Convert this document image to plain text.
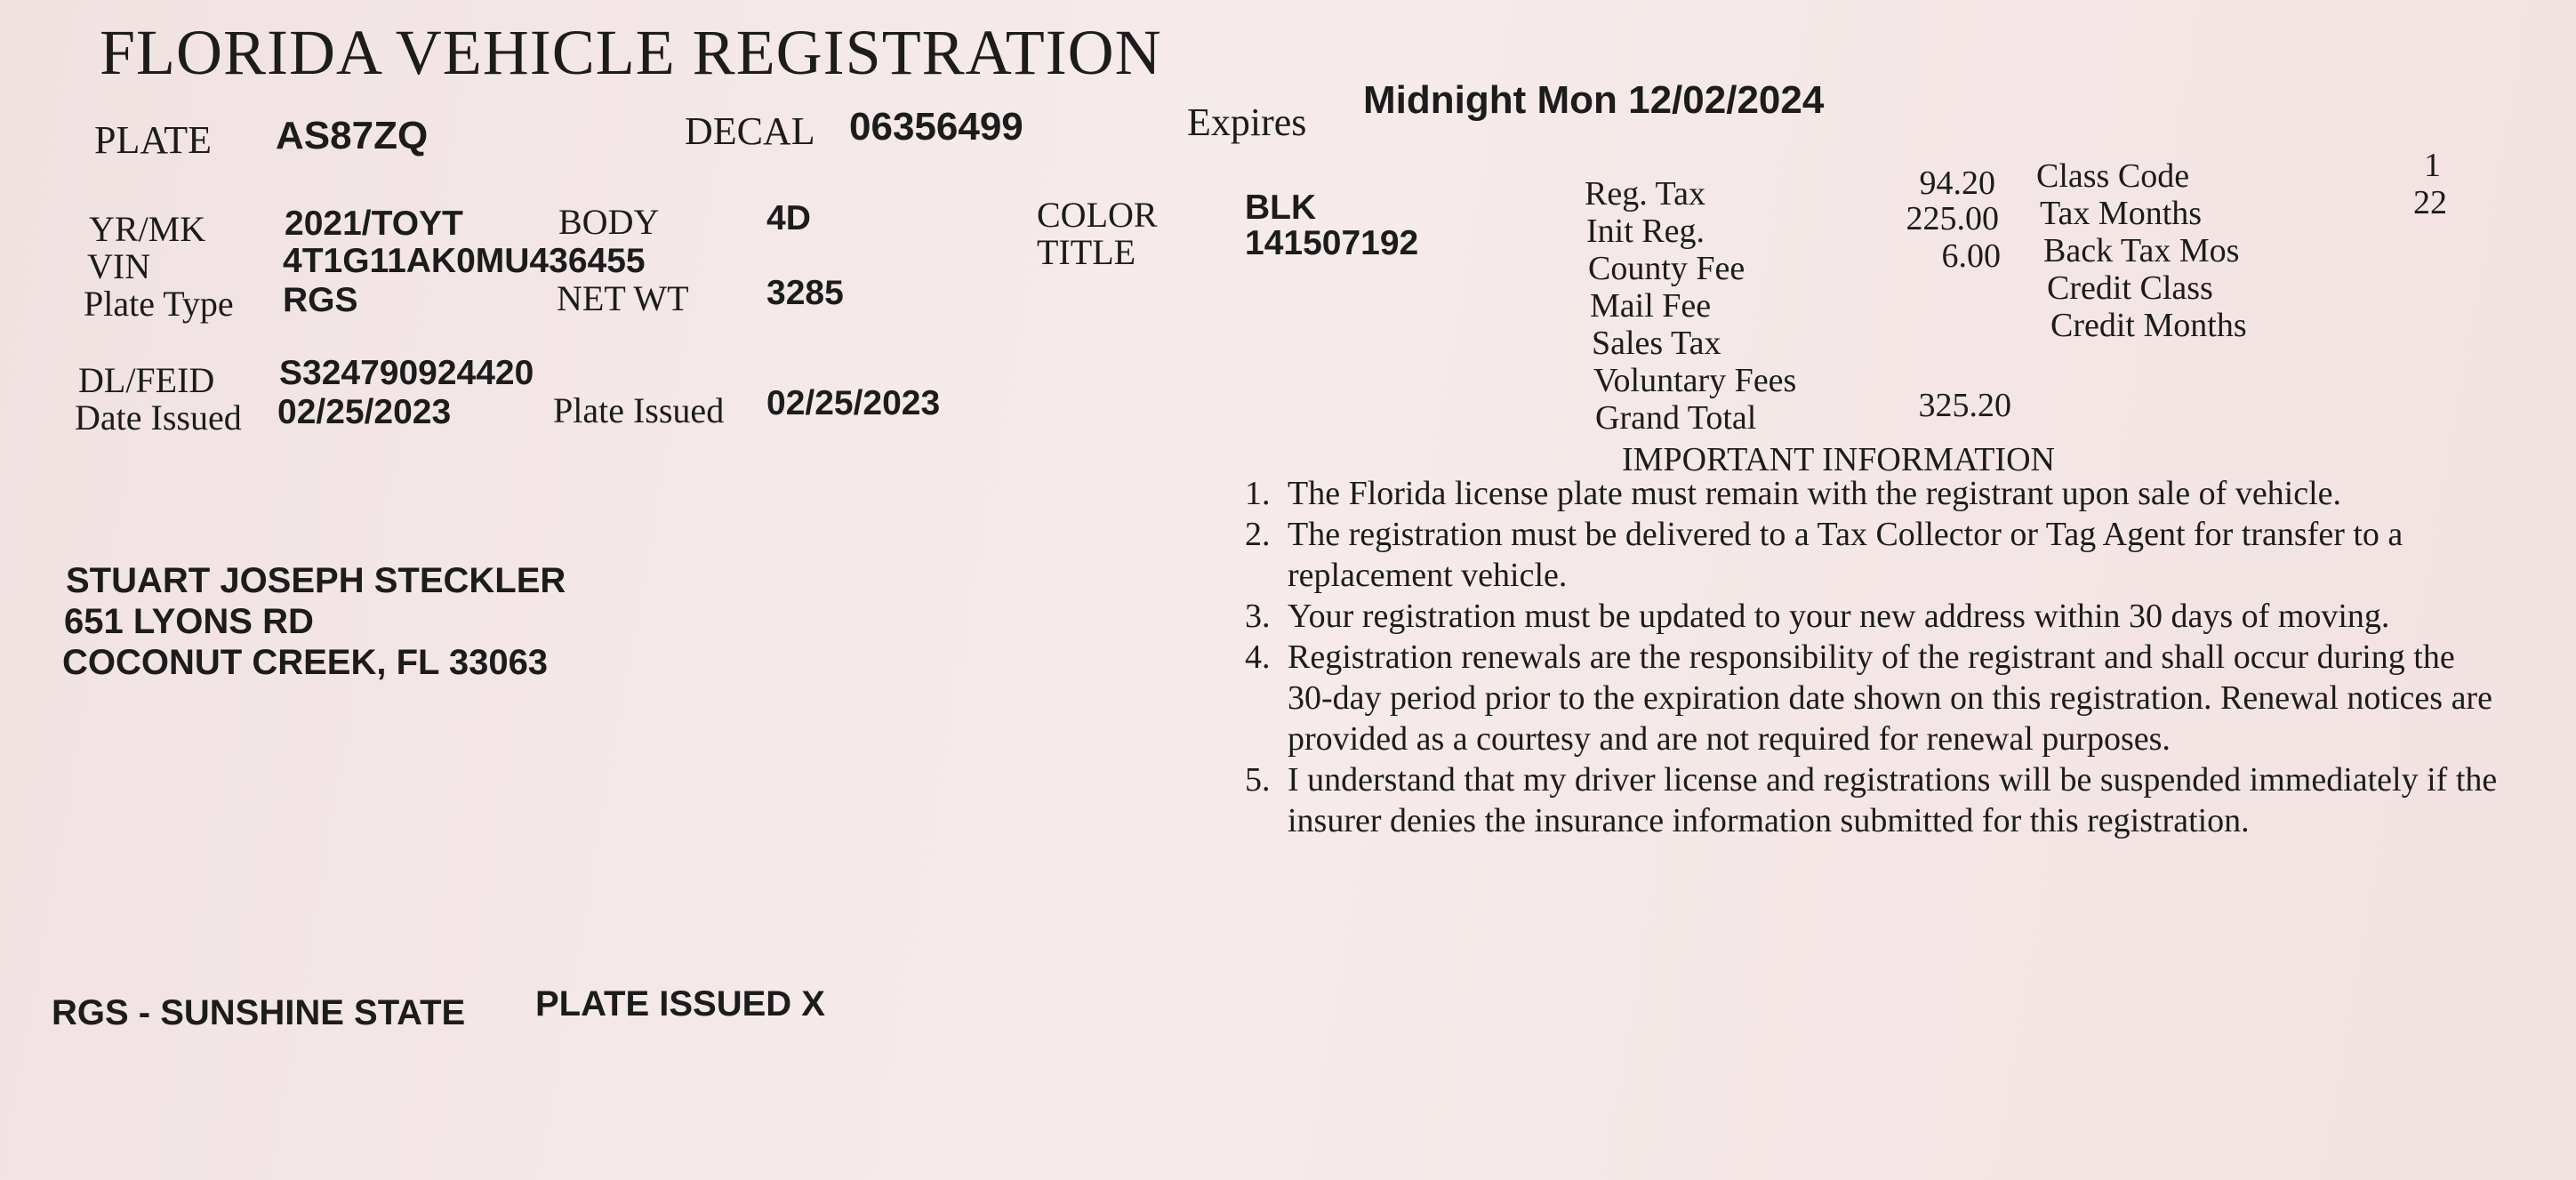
FLORIDA VEHICLE REGISTRATION
PLATE AS87ZQ	DECAL 06356499	Expires
Midnight Mon 12/02/2024
YR/MK 2021/TOYT	BODY	4D	COLOR	BLK
VIN	4T1G11AK0MU436455	TITLE	141507192
Plate Type RGS	NET WT 3285
DL/FEID S324790924420
Date Issued 02/25/2023	Plate Issued 02/25/2023
Reg. Tax	94.20
Init Reg.	225.00
County Fee	6.00
Mail Fee
Sales Tax
Voluntary Fees
Grand Total	325.20
Class Code	1
Tax Months	22
Back Tax Mos
Credit Class
Credit Months
STUART JOSEPH STECKLER
651 LYONS RD
COCONUT CREEK, FL 33063
IMPORTANT INFORMATION
1. The Florida license plate must remain with the registrant upon sale of vehicle.
2. The registration must be delivered to a Tax Collector or Tag Agent for transfer to a replacement vehicle.
3. Your registration must be updated to your new address within 30 days of moving.
4. Registration renewals are the responsibility of the registrant and shall occur during the 30-day period prior to the expiration date shown on this registration. Renewal notices are provided as a courtesy and are not required for renewal purposes.
5. I understand that my driver license and registrations will be suspended immediately if the insurer denies the insurance information submitted for this registration.
RGS - SUNSHINE STATE PLATE ISSUED X
